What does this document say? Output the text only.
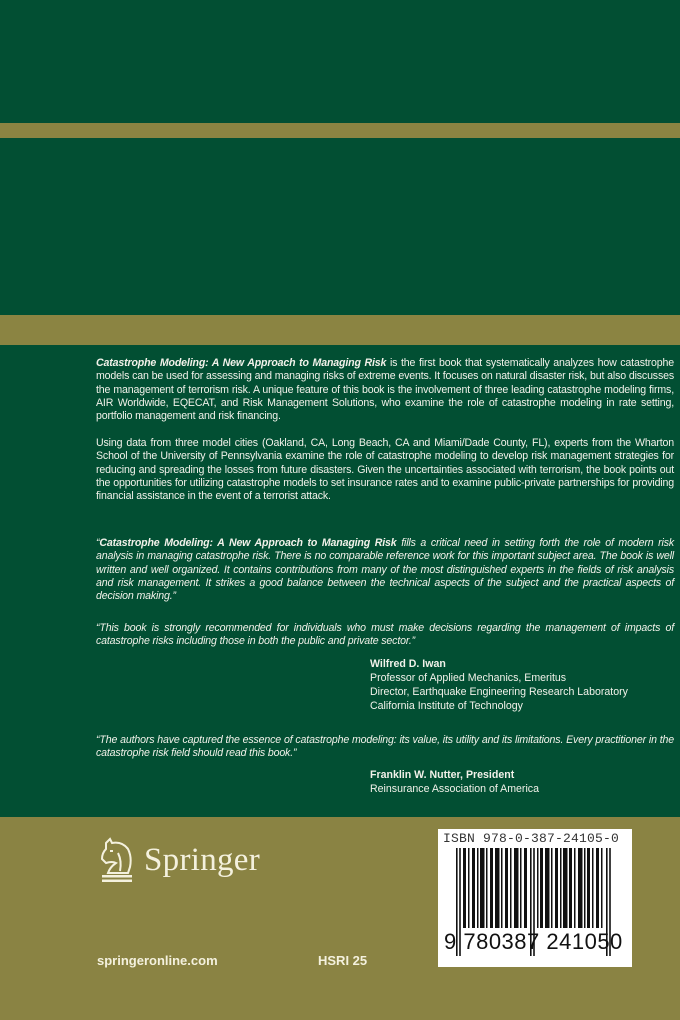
Catastrophe Modeling: A New Approach to Managing Risk is the first book that systematically analyzes how catastrophe models can be used for assessing and managing risks of extreme events. It focuses on natural disaster risk, but also discusses the management of terrorism risk. A unique feature of this book is the involvement of three leading catastrophe modeling firms, AIR Worldwide, EQECAT, and Risk Management Solutions, who examine the role of catastrophe modeling in rate setting, portfolio management and risk financing.

Using data from three model cities (Oakland, CA, Long Beach, CA and Miami/Dade County, FL), experts from the Wharton School of the University of Pennsylvania examine the role of catastrophe modeling to develop risk management strategies for reducing and spreading the losses from future disasters. Given the uncertainties associated with terrorism, the book points out the opportunities for utilizing catastrophe models to set insurance rates and to examine public-private partnerships for providing financial assistance in the event of a terrorist attack.

“Catastrophe Modeling: A New Approach to Managing Risk fills a critical need in setting forth the role of modern risk analysis in managing catastrophe risk. There is no comparable reference work for this important subject area. The book is well written and well organized. It contains contributions from many of the most distinguished experts in the fields of risk analysis and risk management. It strikes a good balance between the technical aspects of the subject and the practical aspects of decision making.”

“This book is strongly recommended for individuals who must make decisions regarding the management of impacts of catastrophe risks including those in both the public and private sector.”

Wilfred D. Iwan
Professor of Applied Mechanics, Emeritus
Director, Earthquake Engineering Research Laboratory
California Institute of Technology

“The authors have captured the essence of catastrophe modeling: its value, its utility and its limitations. Every practitioner in the catastrophe risk field should read this book.”

Franklin W. Nutter, President
Reinsurance Association of America
Springer
springeronline.com	HSRI 25
ISBN 978-0-387-24105-0
9 780387 241050
